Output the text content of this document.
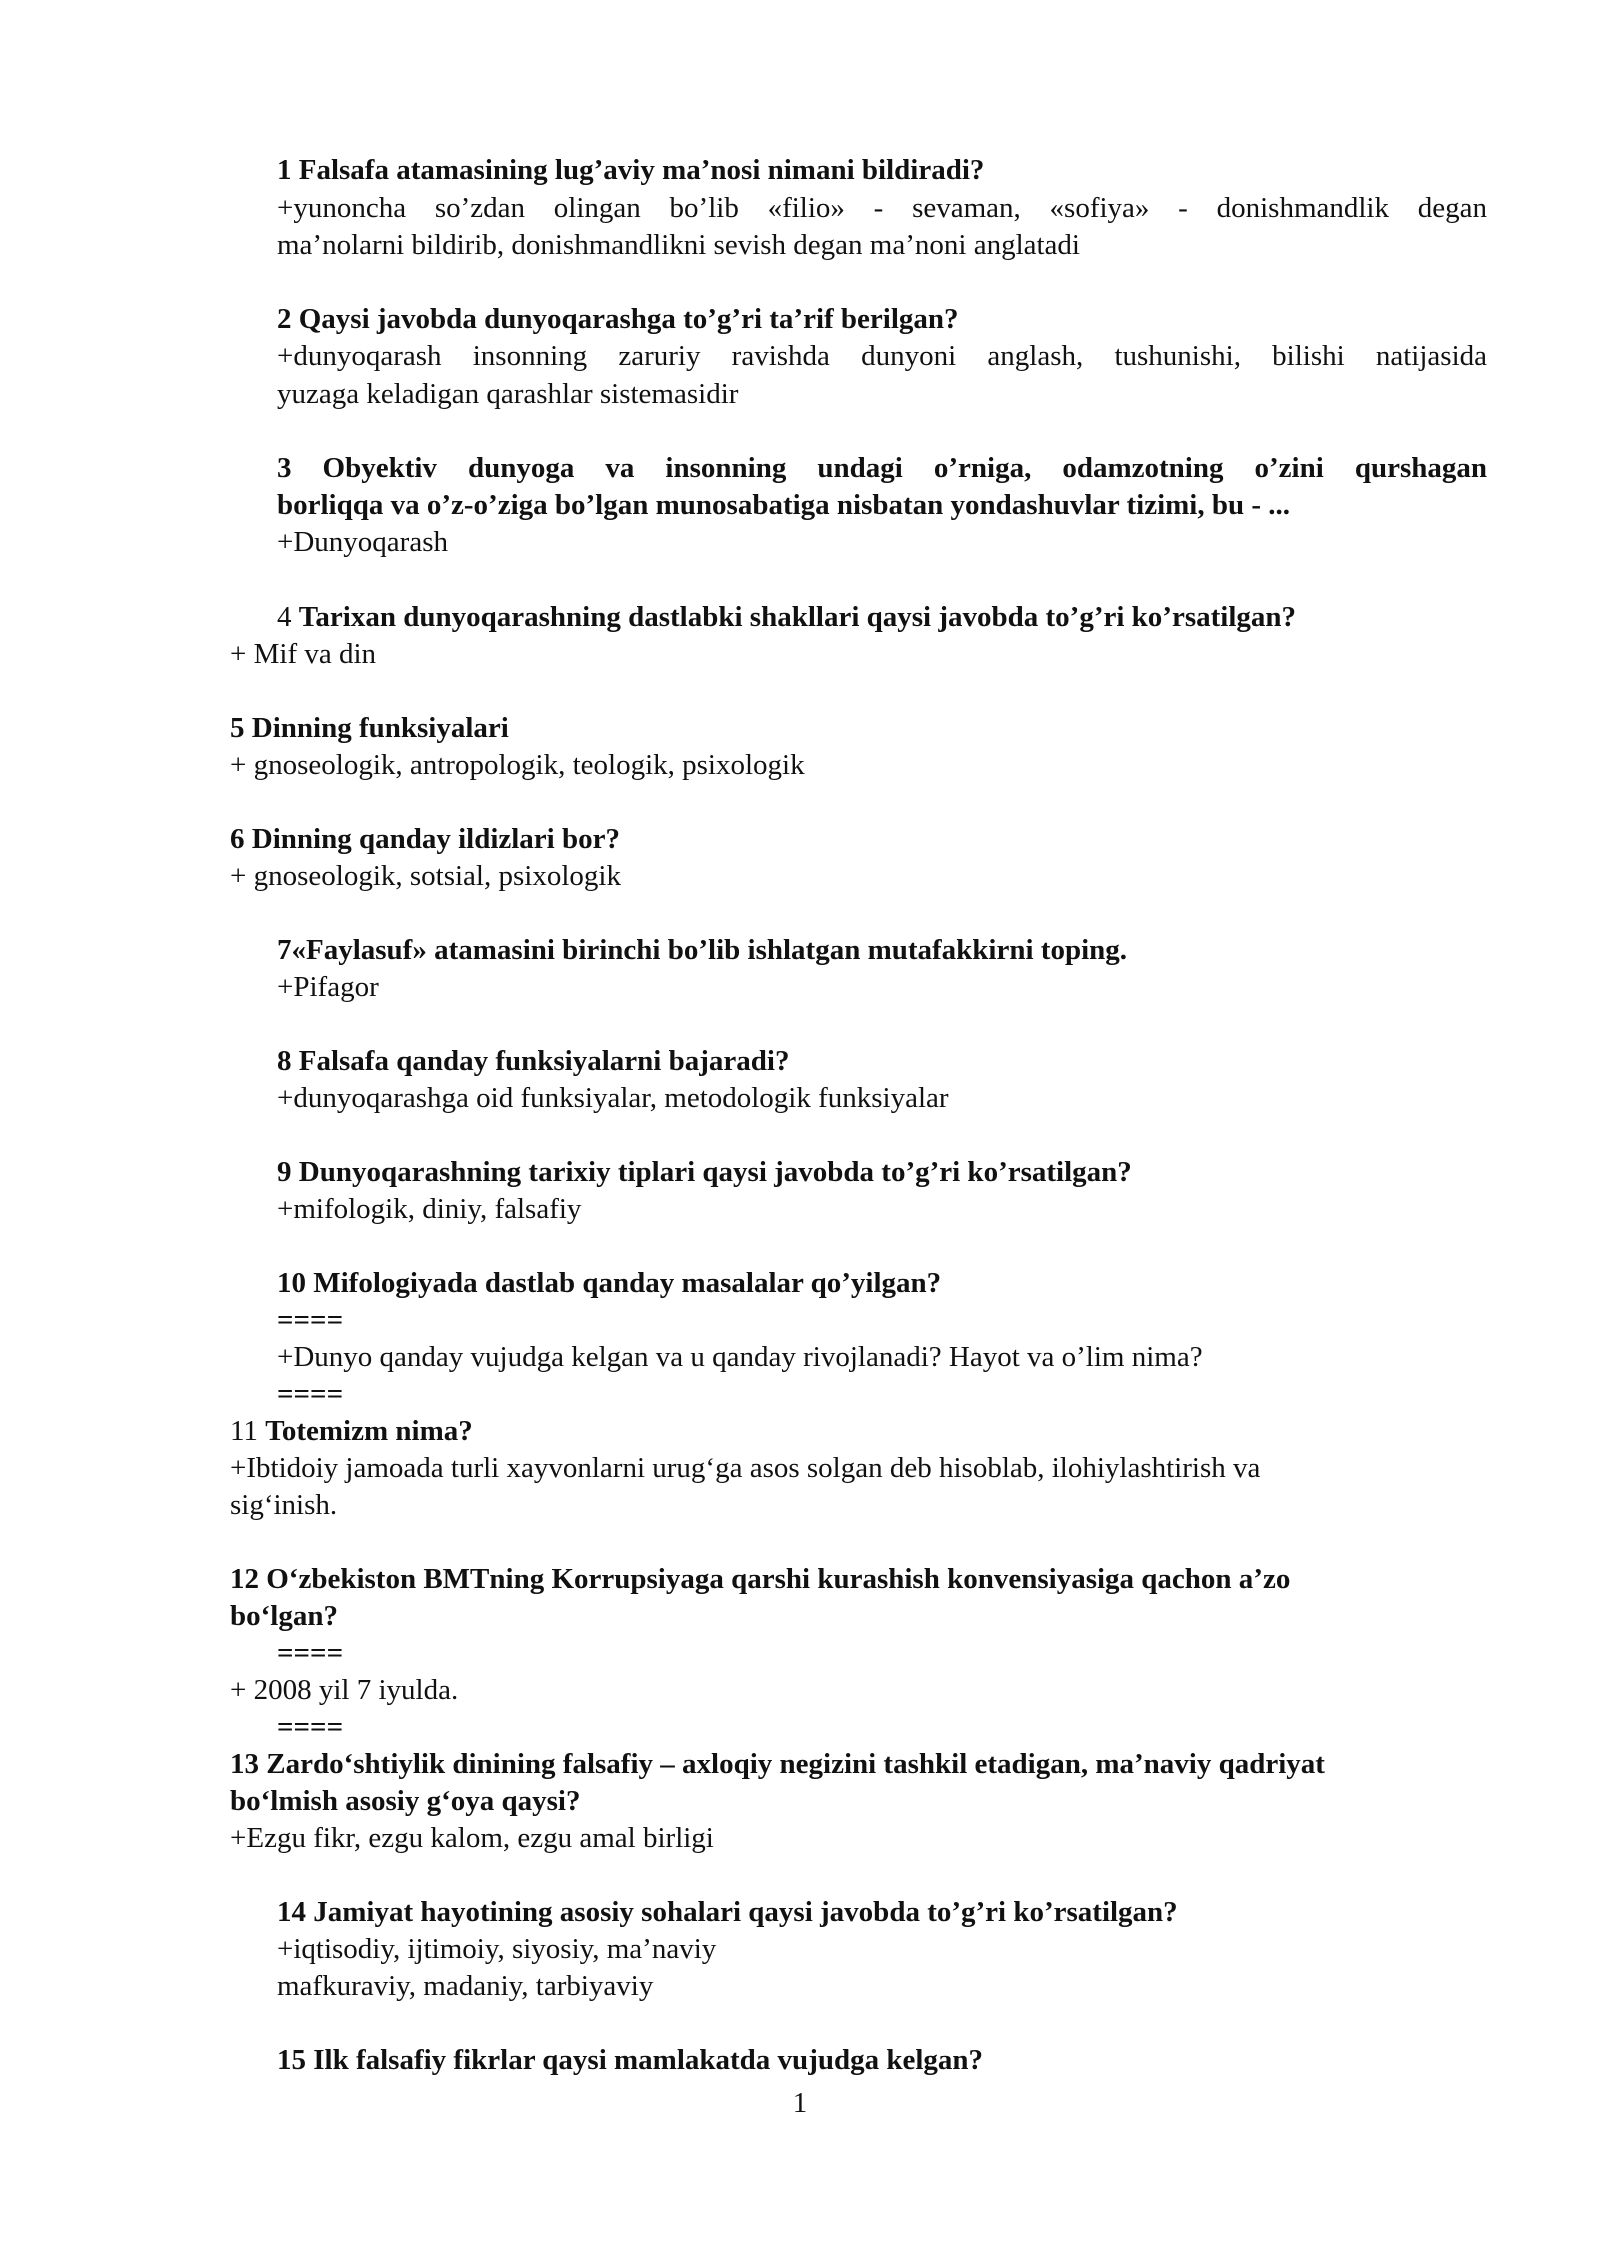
1 Falsafa atamasining lug’aviy ma’nosi nimani bildiradi?
+yunoncha so’zdan olingan bo’lib «filio» - sevaman, «sofiya» - donishmandlik degan
ma’nolarni bildirib, donishmandlikni sevish degan ma’noni anglatadi
2 Qaysi javobda dunyoqarashga to’g’ri ta’rif berilgan?
+dunyoqarash insonning zaruriy ravishda dunyoni anglash, tushunishi, bilishi natijasida
yuzaga keladigan qarashlar sistemasidir
3 Obyektiv dunyoga va insonning undagi o’rniga, odamzotning o’zini qurshagan
borliqqa va o’z-o’ziga bo’lgan munosabatiga nisbatan yondashuvlar tizimi, bu - ...
+Dunyoqarash
4 Tarixan dunyoqarashning dastlabki shakllari qaysi javobda to’g’ri ko’rsatilgan?
+ Mif va din
5 Dinning funksiyalari
+ gnoseologik, antropologik, teologik, psixologik
6 Dinning qanday ildizlari bor?
+ gnoseologik, sotsial, psixologik
7«Faylasuf» atamasini birinchi bo’lib ishlatgan mutafakkirni toping.
+Pifagor
8 Falsafa qanday funksiyalarni bajaradi?
+dunyoqarashga oid funksiyalar, metodologik funksiyalar
9 Dunyoqarashning tarixiy tiplari qaysi javobda to’g’ri ko’rsatilgan?
+mifologik, diniy, falsafiy
10 Mifologiyada dastlab qanday masalalar qo’yilgan?
====
+Dunyo qanday vujudga kelgan va u qanday rivojlanadi? Hayot va o’lim nima?
====
11 Totemizm nima?
+Ibtidoiy jamoada turli xayvonlarni urug‘ga asos solgan deb hisoblab, ilohiylashtirish va
sig‘inish.
12 O‘zbekiston BMTning Korrupsiyaga qarshi kurashish konvensiyasiga qachon a’zo
bo‘lgan?
====
+ 2008 yil 7 iyulda.
====
13 Zardo‘shtiylik dinining falsafiy – axloqiy negizini tashkil etadigan, ma’naviy qadriyat
bo‘lmish asosiy g‘oya qaysi?
+Ezgu fikr, ezgu kalom, ezgu amal birligi
14 Jamiyat hayotining asosiy sohalari qaysi javobda to’g’ri ko’rsatilgan?
+iqtisodiy, ijtimoiy, siyosiy, ma’naviy
mafkuraviy, madaniy, tarbiyaviy
15 Ilk falsafiy fikrlar qaysi mamlakatda vujudga kelgan?
1
